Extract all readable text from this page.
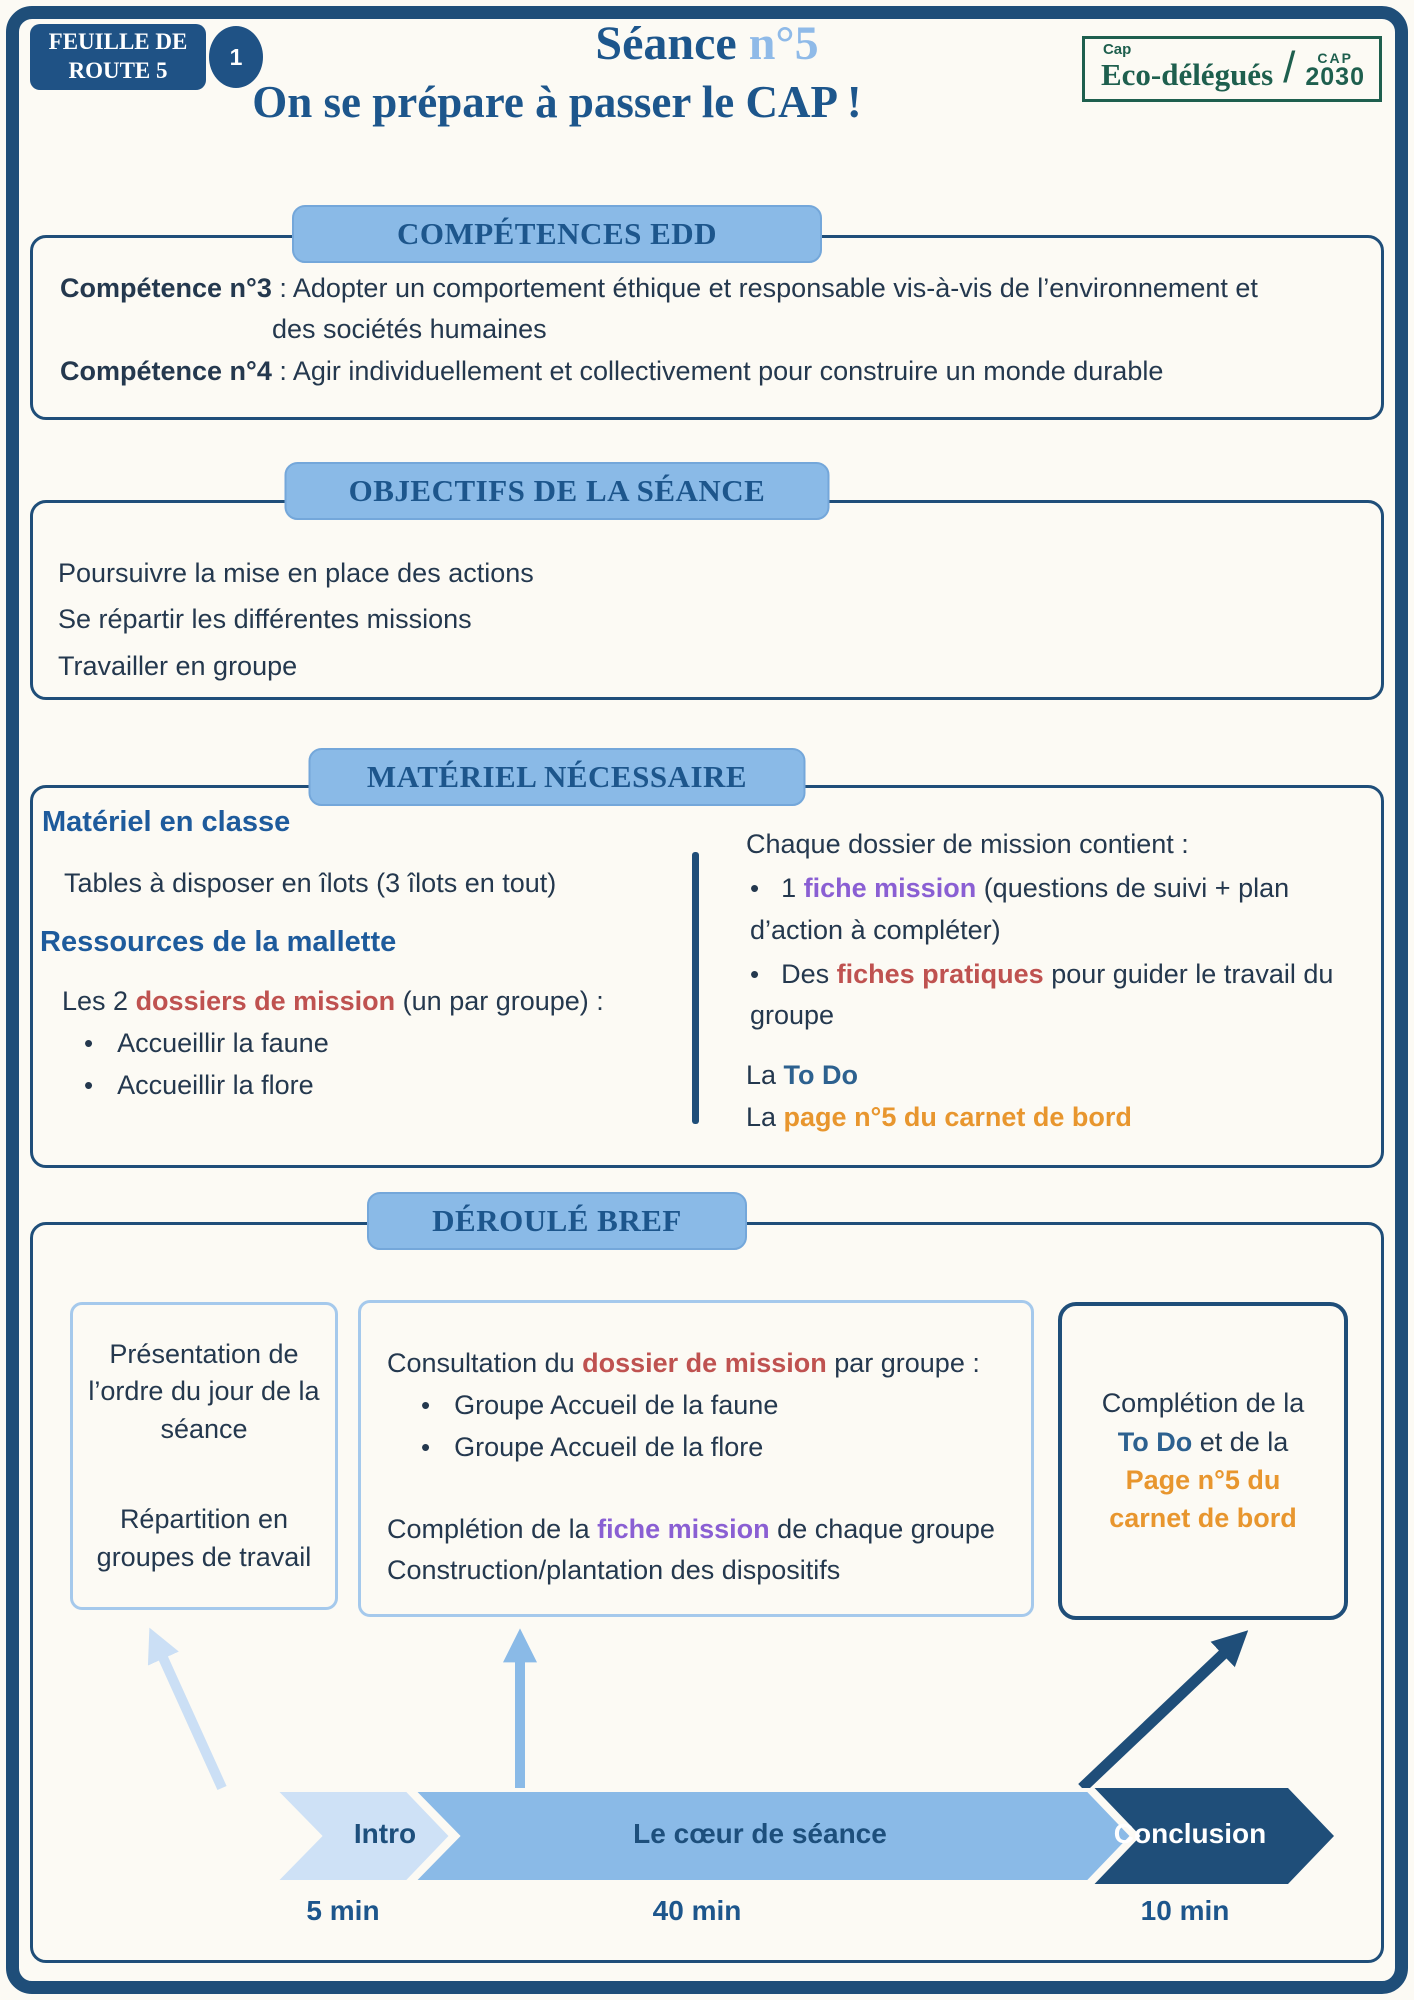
FEUILLE DE
ROUTE 5
1	Séance n°5	Cap
Eco-délégués / CAP
2030
On se prépare à passer le CAP !
COMPÉTENCES EDD
Compétence n°3 : Adopter un comportement éthique et responsable vis-à-vis de l’environnement et
des sociétés humaines
Compétence n°4 : Agir individuellement et collectivement pour construire un monde durable
OBJECTIFS DE LA SÉANCE
Poursuivre la mise en place des actions
Se répartir les différentes missions
Travailler en groupe
MATÉRIEL NÉCESSAIRE
Matériel en classe
Tables à disposer en îlots (3 îlots en tout)
Ressources de la mallette
Les 2 dossiers de mission (un par groupe) :
• Accueillir la faune
• Accueillir la flore
Chaque dossier de mission contient :
• 1 fiche mission (questions de suivi + plan d’action à compléter)
• Des fiches pratiques pour guider le travail du groupe
La To Do
La page n°5 du carnet de bord
DÉROULÉ BREF
Présentation de l’ordre du jour de la séance
Répartition en groupes de travail
Consultation du dossier de mission par groupe :
• Groupe Accueil de la faune
• Groupe Accueil de la flore
Complétion de la fiche mission de chaque groupe
Construction/plantation des dispositifs
Complétion de la
To Do et de la
Page n°5 du
carnet de bord
Intro	Le cœur de séance	Conclusion
5 min	40 min	10 min
